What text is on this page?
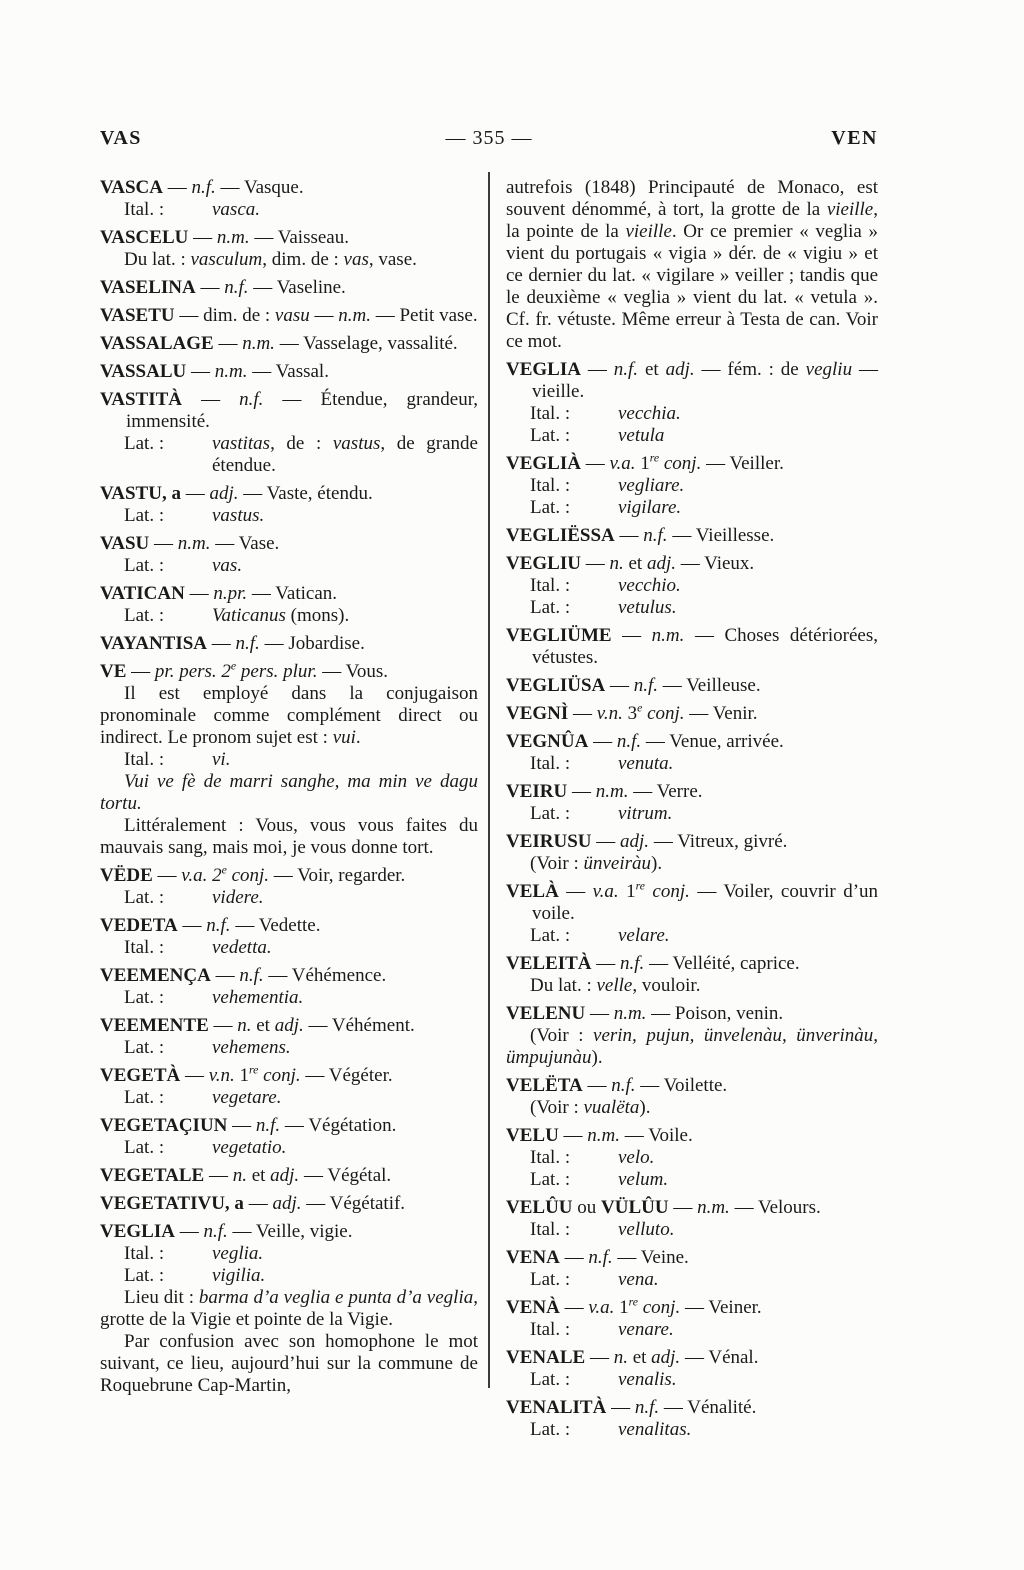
VAS	— 355 —	VEN

VASCA — n.f. — Vasque.

Ital. :	vasca.

VASCELU — n.m. — Vaisseau.

Du lat. : vasculum, dim. de : vas, vase.

VASELINA — n.f. — Vaseline.

VASETU — dim. de : vasu — n.m. — Petit vase.

VASSALAGE — n.m. — Vasselage, vassalité.

VASSALU — n.m. — Vassal.

VASTITÀ — n.f. — Étendue, grandeur, immensité.

Lat. :	vastitas, de : vastus, de grande étendue.

VASTU, a — adj. — Vaste, étendu.

Lat. :	vastus.

VASU — n.m. — Vase.

Lat. :	vas.

VATICAN — n.pr. — Vatican.

Lat. :	Vaticanus (mons).

VAYANTISA — n.f. — Jobardise.

VE — pr. pers. 2e pers. plur. — Vous.

Il est employé dans la conjugaison pronominale comme complément direct ou indirect. Le pronom sujet est : vui.

Ital. :	vi.

Vui ve fè de marri sanghe, ma min ve dagu tortu.

Littéralement : Vous, vous vous faites du mauvais sang, mais moi, je vous donne tort.

VËDE — v.a. 2e conj. — Voir, regarder.

Lat. :	videre.

VEDETA — n.f. — Vedette.

Ital. :	vedetta.

VEEMENÇA — n.f. — Véhémence.

Lat. :	vehementia.

VEEMENTE — n. et adj. — Véhément.

Lat. :	vehemens.

VEGETÀ — v.n. 1re conj. — Végéter.

Lat. :	vegetare.

VEGETAÇIUN — n.f. — Végétation.

Lat. :	vegetatio.

VEGETALE — n. et adj. — Végétal.

VEGETATIVU, a — adj. — Végétatif.

VEGLIA — n.f. — Veille, vigie.

Ital. :	veglia.

Lat. :	vigilia.

Lieu dit : barma d’a veglia e punta d’a veglia, grotte de la Vigie et pointe de la Vigie.

Par confusion avec son homophone le mot suivant, ce lieu, aujourd’hui sur la commune de Roquebrune Cap-Martin,

autrefois (1848) Principauté de Monaco, est souvent dénommé, à tort, la grotte de la vieille, la pointe de la vieille. Or ce premier « veglia » vient du portugais « vigia » dér. de « vigiu » et ce dernier du lat. « vigilare » veiller ; tandis que le deuxième « veglia » vient du lat. « vetula ». Cf. fr. vétuste. Même erreur à Testa de can. Voir ce mot.

VEGLIA — n.f. et adj. — fém. : de vegliu — vieille.

Ital. :	vecchia.

Lat. :	vetula

VEGLIÀ — v.a. 1re conj. — Veiller.

Ital. :	vegliare.

Lat. :	vigilare.

VEGLIËSSA — n.f. — Vieillesse.

VEGLIU — n. et adj. — Vieux.

Ital. :	vecchio.

Lat. :	vetulus.

VEGLIÜME — n.m. — Choses détériorées, vétustes.

VEGLIÜSA — n.f. — Veilleuse.

VEGNÌ — v.n. 3e conj. — Venir.

VEGNÛA — n.f. — Venue, arrivée.

Ital. :	venuta.

VEIRU — n.m. — Verre.

Lat. :	vitrum.

VEIRUSU — adj. — Vitreux, givré.

(Voir : ünveiràu).

VELÀ — v.a. 1re conj. — Voiler, couvrir d’un voile.

Lat. :	velare.

VELEITÀ — n.f. — Velléité, caprice.

Du lat. : velle, vouloir.

VELENU — n.m. — Poison, venin.

(Voir : verin, pujun, ünvelenàu, ünverinàu, ümpujunàu).

VELËTA — n.f. — Voilette.

(Voir : vualëta).

VELU — n.m. — Voile.

Ital. :	velo.

Lat. :	velum.

VELÛU ou VÜLÛU — n.m. — Velours.

Ital. :	velluto.

VENA — n.f. — Veine.

Lat. :	vena.

VENÀ — v.a. 1re conj. — Veiner.

Ital. :	venare.

VENALE — n. et adj. — Vénal.

Lat. :	venalis.

VENALITÀ — n.f. — Vénalité.

Lat. :	venalitas.
